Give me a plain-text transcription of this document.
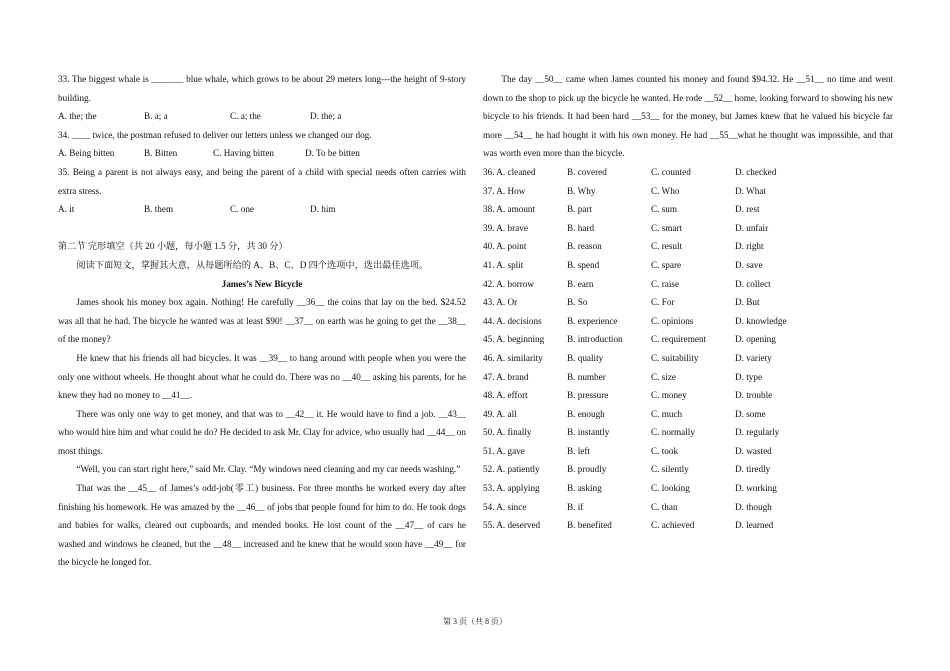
33. The biggest whale is _______ blue whale, which grows to be about 29 meters long---the height of 9-story building.

A. the; the	B. a; a	C. a; the	D. the; a

34. ____ twice, the postman refused to deliver our letters unless we changed our dog.

A. Being bitten	B. Bitten	C. Having bitten	D. To be bitten

35. Being a parent is not always easy, and being the parent of a child with special needs often carries with extra stress.

A. it	B. them	C. one	D. him

第二节 完形填空（共 20 小题，每小题 1.5 分，共 30 分）

阅读下面短文，掌握其大意，从每题所给的 A、B、C、D 四个选项中，选出最佳选项。

James’s New Bicycle

James shook his money box again. Nothing! He carefully __36__ the coins that lay on the bed. $24.52 was all that he had. The bicycle he wanted was at least $90! __37__ on earth was he going to get the __38__ of the money?

He knew that his friends all had bicycles. It was __39__ to hang around with people when you were the only one without wheels. He thought about what he could do. There was no __40__ asking his parents, for he knew they had no money to __41__.

There was only one way to get money, and that was to __42__ it. He would have to find a job. __43__ who would hire him and what could he do? He decided to ask Mr. Clay for advice, who usually had __44__ on most things.

“Well, you can start right here,” said Mr. Clay. “My windows need cleaning and my car needs washing.”

That was the __45__ of James’s odd-job(零工) business. For three months he worked every day after finishing his homework. He was amazed by the __46__ of jobs that people found for him to do. He took dogs and babies for walks, cleared out cupboards, and mended books. He lost count of the __47__ of cars he washed and windows he cleaned, but the __48__ increased and he knew that he would soon have __49__ for the bicycle he longed for.

The day __50__ came when James counted his money and found $94.32. He __51__ no time and went down to the shop to pick up the bicycle he wanted. He rode __52__ home, looking forward to showing his new bicycle to his friends. It had been hard __53__ for the money, but James knew that he valued his bicycle far more __54__ he had bought it with his own money. He had __55__what he thought was impossible, and that was worth even more than the bicycle.

36. A. cleaned	B. covered	C. counted	D. checked
37. A. How	B. Why	C. Who	D. What
38. A. amount	B. part	C. sum	D. rest
39. A. brave	B. hard	C. smart	D. unfair
40. A. point	B. reason	C. result	D. right
41. A. split	B. spend	C. spare	D. save
42. A. borrow	B. earn	C. raise	D. collect
43. A. Or	B. So	C. For	D. But
44. A. decisions	B. experience	C. opinions	D. knowledge
45. A. beginning	B. introduction	C. requirement	D. opening
46. A. similarity	B. quality	C. suitability	D. variety
47. A. brand	B. number	C. size	D. type
48. A. effort	B. pressure	C. money	D. trouble
49. A. all	B. enough	C. much	D. some
50. A. finally	B. instantly	C. normally	D. regularly
51. A. gave	B. left	C. took	D. wasted
52. A. patiently	B. proudly	C. silently	D. tiredly
53. A. applying	B. asking	C. looking	D. working
54. A. since	B. if	C. than	D. though
55. A. deserved	B. benefited	C. achieved	D. learned
第 3 页（共 8 页）
